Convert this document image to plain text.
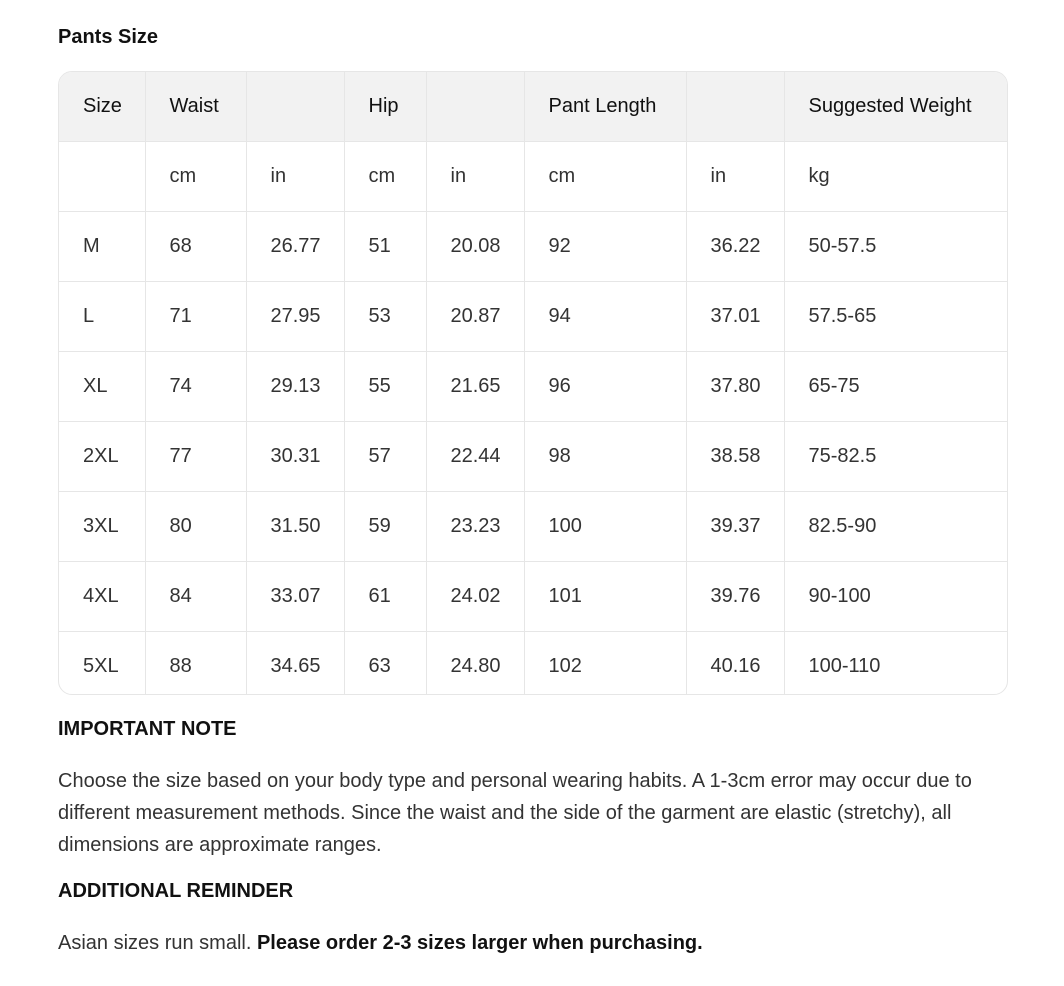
Pants Size
Size	Waist		Hip		Pant Length		Suggested Weight
	cm	in	cm	in	cm	in	kg
M	68	26.77	51	20.08	92	36.22	50-57.5
L	71	27.95	53	20.87	94	37.01	57.5-65
XL	74	29.13	55	21.65	96	37.80	65-75
2XL	77	30.31	57	22.44	98	38.58	75-82.5
3XL	80	31.50	59	23.23	100	39.37	82.5-90
4XL	84	33.07	61	24.02	101	39.76	90-100
5XL	88	34.65	63	24.80	102	40.16	100-110
IMPORTANT NOTE
Choose the size based on your body type and personal wearing habits. A 1-3cm error may occur due to different measurement methods. Since the waist and the side of the garment are elastic (stretchy), all dimensions are approximate ranges.
ADDITIONAL REMINDER
Asian sizes run small. Please order 2-3 sizes larger when purchasing.
